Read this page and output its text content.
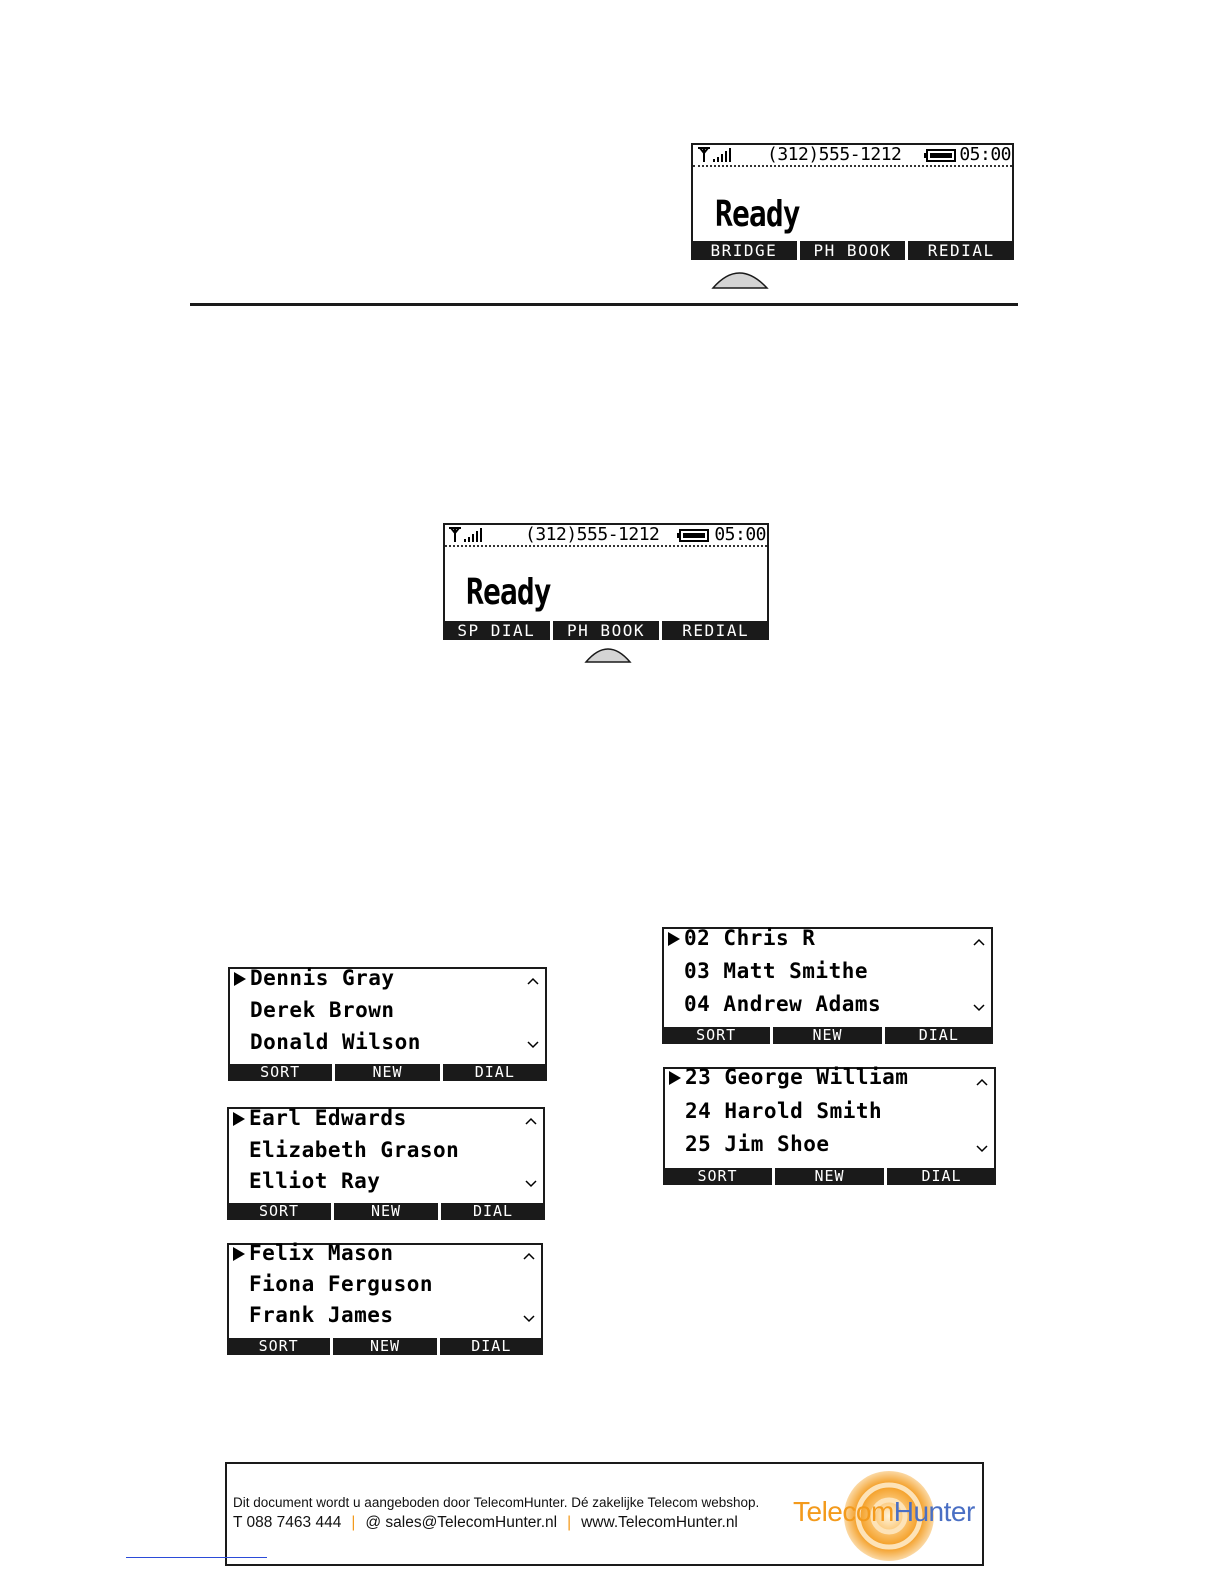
(312)555-1212	05:00
Ready
BRIDGE	PH BOOK	REDIAL
(312)555-1212	05:00
Ready
SP DIAL	PH BOOK	REDIAL
Dennis Gray
Derek Brown
Donald Wilson
SORT	NEW	DIAL
Earl Edwards
Elizabeth Grason
Elliot Ray
SORT	NEW	DIAL
Felix Mason
Fiona Ferguson
Frank James
SORT	NEW	DIAL
02 Chris R
03 Matt Smithe
04 Andrew Adams
SORT	NEW	DIAL
23 George William
24 Harold Smith
25 Jim Shoe
SORT	NEW	DIAL
Dit document wordt u aangeboden door TelecomHunter. Dé zakelijke Telecom webshop.
T 088 7463 444 | @ sales@TelecomHunter.nl | www.TelecomHunter.nl TelecomHunter
